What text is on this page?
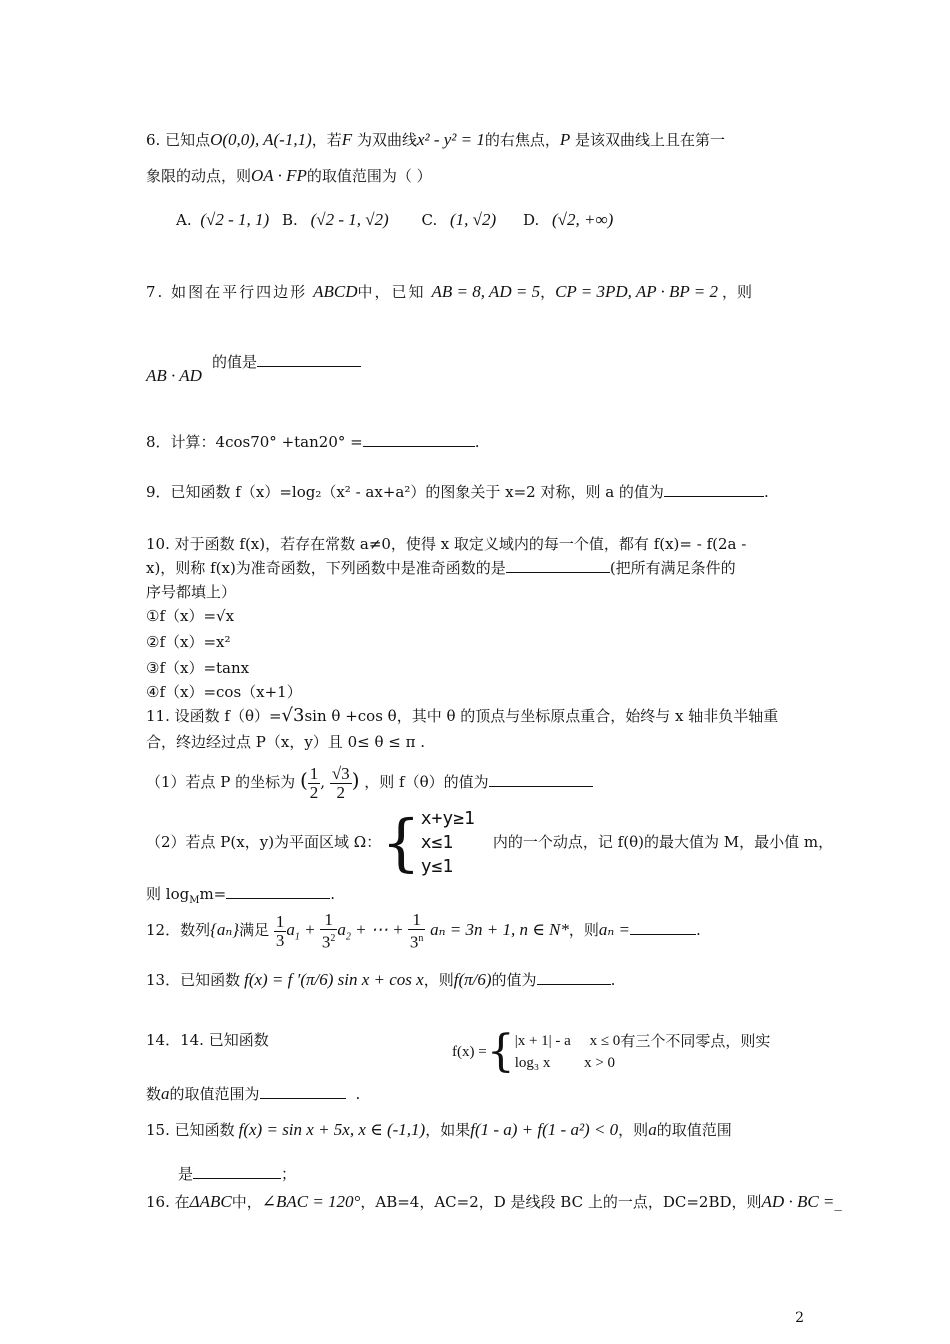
6. 已知点O(0,0), A(-1,1)，若F 为双曲线x² - y² = 1的右焦点，P 是该双曲线上且在第一
象限的动点，则OA · FP的取值范围为（ ）
A. (√2 - 1, 1) B. (√2 - 1, √2) C. (1, √2) D. (√2, +∞)
7. 如图在平行四边形 ABCD中，已知 AB = 8, AD = 5，CP = 3PD, AP · BP = 2 ，则
的值是
AB · AD
8．计算：4cos70° +tan20° =	.
9．已知函数 f（x）=log₂（x² - ax+a²）的图象关于 x=2 对称，则 a 的值为	.
10. 对于函数 f(x)，若存在常数 a≠0，使得 x 取定义域内的每一个值，都有 f(x)= - f(2a -
x)，则称 f(x)为准奇函数，下列函数中是准奇函数的是	(把所有满足条件的
序号都填上）
①f（x）=√x
②f（x）=x²
③f（x）=tanx
④f（x）=cos（x+1）
11. 设函数 f（θ）=√3sin θ +cos θ，其中 θ 的顶点与坐标原点重合，始终与 x 轴非负半轴重
合，终边经过点 P（x，y）且 0≤ θ ≤ π .
（1）若点 P 的坐标为 ( $\frac{1}{2}$ , $\frac{√3}{2}$ ) ，则 f（θ）的值为
（2）若点 P(x，y)为平面区域 Ω：{ x+y≥1
x≤1
y≤1
内的一个动点，记 f(θ)的最大值为 M，最小值 m，
则 $\log_Mm=$	.
12．数列{aₙ}满足 $\frac{1}{3} a_1 + \frac{1}{3^2} a_2$ + ⋯ + $\frac{1}{3^n}$ aₙ = 3n + 1, n ∈ N*，则aₙ =	.
13．已知函数 f(x) = f ′(π/6) sin x + cos x，则f(π/6)的值为	.
14．14. 已知函数
f(x) ={ |x + 1| - a     x ≤ 0
log₃ x         x > 0
有三个不同零点，则实
数a的取值范围为	.
15. 已知函数 f(x) = sin x + 5x, x ∈ (-1,1)，如果f(1 - a) + f(1 - a²) < 0，则a的取值范围
是	；
16. 在ΔABC中，∠BAC = 120°，AB=4，AC=2，D 是线段 BC 上的一点，DC=2BD，则AD · BC =_
2
